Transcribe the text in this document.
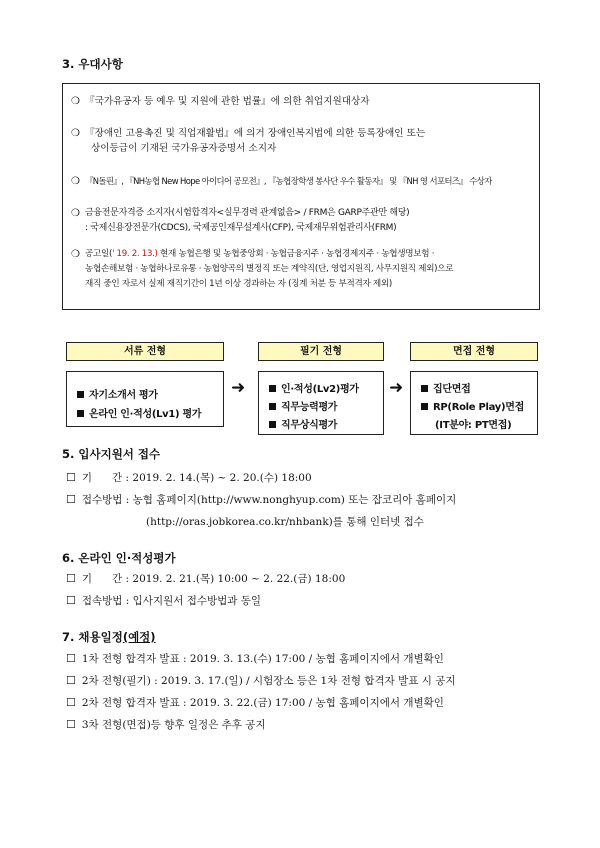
3. 우대사항
❍ 『국가유공자 등 예우 및 지원에 관한 법률』에 의한 취업지원대상자
❍ 『장애인 고용촉진 및 직업재활법』에 의거 장애인복지법에 의한 등록장애인 또는
상이등급이 기재된 국가유공자증명서 소지자
❍ 『N돌핀』, 『NH농협 New Hope 아이디어 공모전』, 『농협장학생 봉사단 우수 활동자』 및 『NH 영 서포터즈』 수상자
❍ 금융전문자격증 소지자(시험합격자<실무경력 관계없음> / FRM은 GARP주관만 해당)
: 국제신용장전문가(CDCS), 국제공인재무설계사(CFP), 국제재무위험관리사(FRM)
❍ 공고일(' 19. 2. 13.) 현재 농협은행 및 농협중앙회 · 농협금융지주 · 농협경제지주 · 농협생명보험 ·
농협손해보험 · 농협하나로유통 · 농협양곡의 별정직 또는 계약직(단, 영업지원직, 사무지원직 제외)으로
재직 중인 자로서 실제 재직기간이 1년 이상 경과하는 자 (징계 처분 등 부적격자 제외)
서류 전형	필기 전형	면접 전형
자기소개서 평가
온라인 인·적성(Lv1) 평가
➜	인·적성(Lv2)평가
직무능력평가
직무상식평가
➜	집단면접
RP(Role Play)면접
(IT분야: PT면접)
5. 입사지원서 접수
☐ 기      간 : 2019. 2. 14.(목) ~ 2. 20.(수) 18:00
☐ 접수방법 : 농협 홈페이지(http://www.nonghyup.com) 또는 잡코리아 홈페이지
(http://oras.jobkorea.co.kr/nhbank)를 통해 인터넷 접수
6. 온라인 인·적성평가
☐ 기      간 : 2019. 2. 21.(목) 10:00 ~ 2. 22.(금) 18:00
☐ 접속방법 : 입사지원서 접수방법과 동일
7. 채용일정(예정)
☐ 1차 전형 합격자 발표 : 2019. 3. 13.(수) 17:00 / 농협 홈페이지에서 개별확인
☐ 2차 전형(필기) : 2019. 3. 17.(일) / 시험장소 등은 1차 전형 합격자 발표 시 공지
☐ 2차 전형 합격자 발표 : 2019. 3. 22.(금) 17:00 / 농협 홈페이지에서 개별확인
☐ 3차 전형(면접)등 향후 일정은 추후 공지
